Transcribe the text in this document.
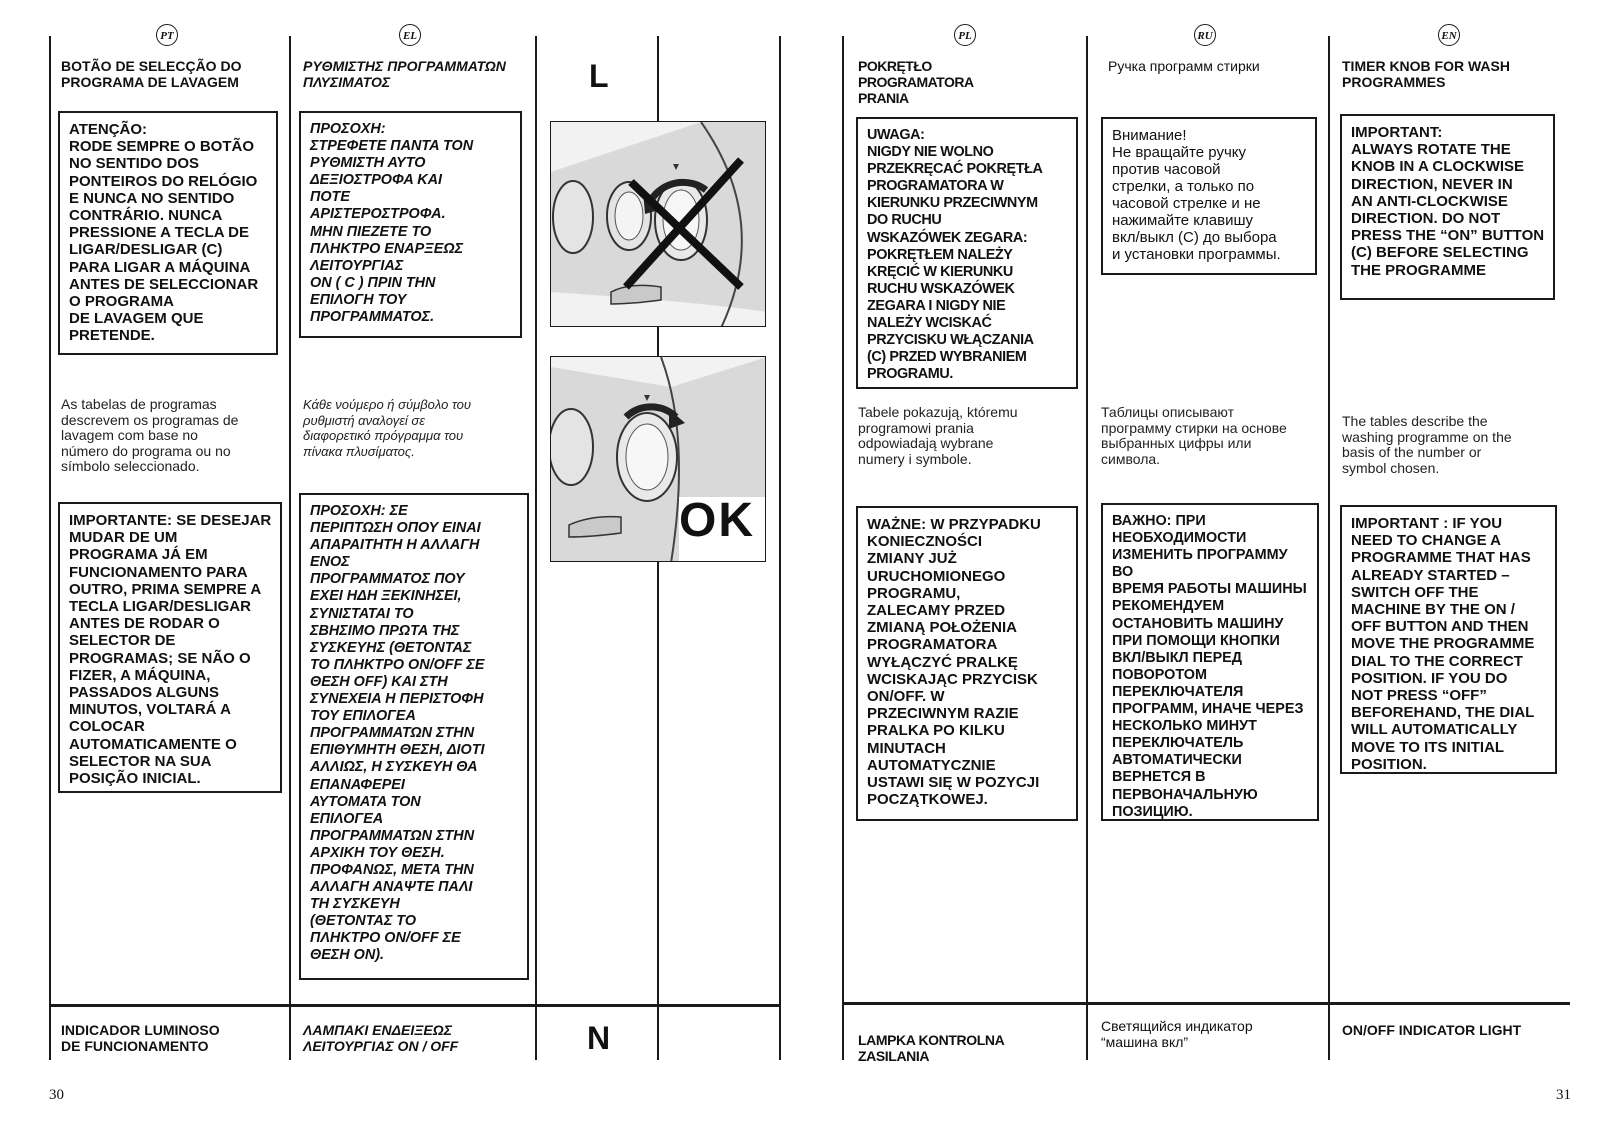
PT	EL
BOTÃO DE SELECÇÃO DO PROGRAMA DE LAVAGEM
ΡΥΘΜΙΣΤΗΣ ΠΡΟΓΡΑΜΜΑΤΩΝ ΠΛΥΣΙΜΑΤΟΣ
ATENÇÃO:
RODE SEMPRE O BOTÃO
NO SENTIDO DOS
PONTEIROS DO RELÓGIO
E NUNCA NO SENTIDO
CONTRÁRIO. NUNCA
PRESSIONE A TECLA DE
LIGAR/DESLIGAR (C)
PARA LIGAR A MÁQUINA
ANTES DE SELECCIONAR
O PROGRAMA
DE LAVAGEM QUE
PRETENDE.
ΠΡΟΣΟΧΗ:
ΣΤΡΕΦΕΤΕ ΠΑΝΤΑ ΤΟΝ
ΡΥΘΜΙΣΤΗ ΑΥΤΟ
ΔΕΞΙΟΣΤΡΟΦΑ ΚΑΙ
ΠΟΤΕ
ΑΡΙΣΤΕΡΟΣΤΡΟΦΑ.
ΜΗΝ ΠΙΕΖΕΤΕ ΤΟ
ΠΛΗΚΤΡΟ ΕΝΑΡΞΕΩΣ
ΛΕΙΤΟΥΡΓΙΑΣ
ON ( C ) ΠΡΙΝ ΤΗΝ
ΕΠΙΛΟΓΗ ΤΟΥ
ΠΡΟΓΡΑΜΜΑΤΟΣ.
As tabelas de programas
descrevem os programas de
lavagem com base no
número do programa ou no
símbolo seleccionado.
Κάθε νούμερο ή σύμβολο του
ρυθμιστή αναλογεί σε
διαφορετικό πρόγραμμα του
πίνακα πλυσίματος.
IMPORTANTE: SE DESEJAR
MUDAR DE UM
PROGRAMA JÁ EM
FUNCIONAMENTO PARA
OUTRO, PRIMA SEMPRE A
TECLA LIGAR/DESLIGAR
ANTES DE RODAR O
SELECTOR DE
PROGRAMAS; SE NÃO O
FIZER, A MÁQUINA,
PASSADOS ALGUNS
MINUTOS, VOLTARÁ A
COLOCAR
AUTOMATICAMENTE O
SELECTOR NA SUA
POSIÇÃO INICIAL.
ΠΡΟΣΟΧΗ: ΣΕ
ΠΕΡΙΠΤΩΣΗ ΟΠΟΥ ΕΙΝΑΙ
ΑΠΑΡΑΙΤΗΤΗ Η ΑΛΛΑΓΗ
ΕΝΟΣ
ΠΡΟΓΡΑΜΜΑΤΟΣ ΠΟΥ
ΕΧΕΙ ΗΔΗ ΞΕΚΙΝΗΣΕΙ,
ΣΥΝΙΣΤΑΤΑΙ ΤΟ
ΣΒΗΣΙΜΟ ΠΡΩΤΑ ΤΗΣ
ΣΥΣΚΕΥΗΣ (ΘΕΤΟΝΤΑΣ
ΤΟ ΠΛΗΚΤΡΟ ON/OFF ΣΕ
ΘΕΣΗ OFF) ΚΑΙ ΣΤΗ
ΣΥΝΕΧΕΙΑ Η ΠΕΡΙΣΤΟΦΗ
ΤΟΥ ΕΠΙΛΟΓΕΑ
ΠΡΟΓΡΑΜΜΑΤΩΝ ΣΤΗΝ
ΕΠΙΘΥΜΗΤΗ ΘΕΣΗ, ΔΙΟΤΙ
ΑΛΛΙΩΣ, Η ΣΥΣΚΕΥΗ ΘΑ
ΕΠΑΝΑΦΕΡΕΙ
ΑΥΤΟΜΑΤΑ ΤΟΝ
ΕΠΙΛΟΓΕΑ
ΠΡΟΓΡΑΜΜΑΤΩΝ ΣΤΗΝ
ΑΡΧΙΚΗ ΤΟΥ ΘΕΣΗ.
ΠΡΟΦΑΝΩΣ, ΜΕΤΑ ΤΗΝ
ΑΛΛΑΓΗ ΑΝΑΨΤΕ ΠΑΛΙ
ΤΗ ΣΥΣΚΕΥΗ
(ΘΕΤΟΝΤΑΣ ΤΟ
ΠΛΗΚΤΡΟ ON/OFF ΣΕ
ΘΕΣΗ ON).
INDICADOR LUMINOSO
DE FUNCIONAMENTO
ΛΑΜΠΑΚΙ ΕΝΔΕΙΞΕΩΣ
ΛΕΙΤΟΥΡΓΙΑΣ ON / OFF
L
N
OK
30
PL	RU	EN
POKRĘTŁO
PROGRAMATORA
PRANIA
Ручка программ стирки	TIMER KNOB FOR WASH
PROGRAMMES
UWAGA:
NIGDY NIE WOLNO
PRZEKRĘCAĆ POKRĘTŁA
PROGRAMATORA W
KIERUNKU PRZECIWNYM
DO RUCHU
WSKAZÓWEK ZEGARA:
POKRĘTŁEM NALEŻY
KRĘCIĆ W KIERUNKU
RUCHU WSKAZÓWEK
ZEGARA I NIGDY NIE
NALEŻY WCISKAĆ
PRZYCISKU WŁĄCZANIA
(C) PRZED WYBRANIEM
PROGRAMU.
Внимание!
Не вращайте ручку
против часовой
стрелки, а только по
часовой стрелке и не
нажимайте клавишу
вкл/выкл (С) до выбора
и установки программы.
IMPORTANT:
ALWAYS ROTATE THE
KNOB IN A CLOCKWISE
DIRECTION, NEVER IN
AN ANTI-CLOCKWISE
DIRECTION. DO NOT
PRESS THE “ON” BUTTON
(C) BEFORE SELECTING
THE PROGRAMME
Tabele pokazują, któremu
programowi prania
odpowiadają wybrane
numery i symbole.
Таблицы описывают
программу стирки на основе
выбранных цифры или
символа.
The tables describe the
washing programme on the
basis of the number or
symbol chosen.
WAŻNE: W PRZYPADKU
KONIECZNOŚCI
ZMIANY JUŻ
URUCHOMIONEGO
PROGRAMU,
ZALECAMY PRZED
ZMIANĄ POŁOŻENIA
PROGRAMATORA
WYŁĄCZYĆ PRALKĘ
WCISKAJĄC PRZYCISK
ON/OFF. W
PRZECIWNYM RAZIE
PRALKA PO KILKU
MINUTACH
AUTOMATYCZNIE
USTAWI SIĘ W POZYCJI
POCZĄTKOWEJ.
ВАЖНО: ПРИ
НЕОБХОДИМОСТИ
ИЗМЕНИТЬ ПРОГРАММУ ВО
ВРЕМЯ РАБОТЫ МАШИНЫ
РЕКОМЕНДУЕМ
ОСТАНОВИТЬ МАШИНУ
ПРИ ПОМОЩИ КНОПКИ
ВКЛ/ВЫКЛ ПЕРЕД
ПОВОРОТОМ
ПЕРЕКЛЮЧАТЕЛЯ
ПРОГРАММ, ИНАЧЕ ЧЕРЕЗ
НЕСКОЛЬКО МИНУТ
ПЕРЕКЛЮЧАТЕЛЬ
АВТОМАТИЧЕСКИ
ВЕРНЕТСЯ В
ПЕРВОНАЧАЛЬНУЮ
ПОЗИЦИЮ.
IMPORTANT : IF YOU
NEED TO CHANGE A
PROGRAMME THAT HAS
ALREADY STARTED –
SWITCH OFF THE
MACHINE BY THE ON /
OFF BUTTON AND THEN
MOVE THE PROGRAMME
DIAL TO THE CORRECT
POSITION. IF YOU DO
NOT PRESS “OFF”
BEFOREHAND, THE DIAL
WILL AUTOMATICALLY
MOVE TO ITS INITIAL
POSITION.
LAMPKA KONTROLNA
ZASILANIA
Светящийся индикатор
“машина вкл”
ON/OFF INDICATOR LIGHT
31
